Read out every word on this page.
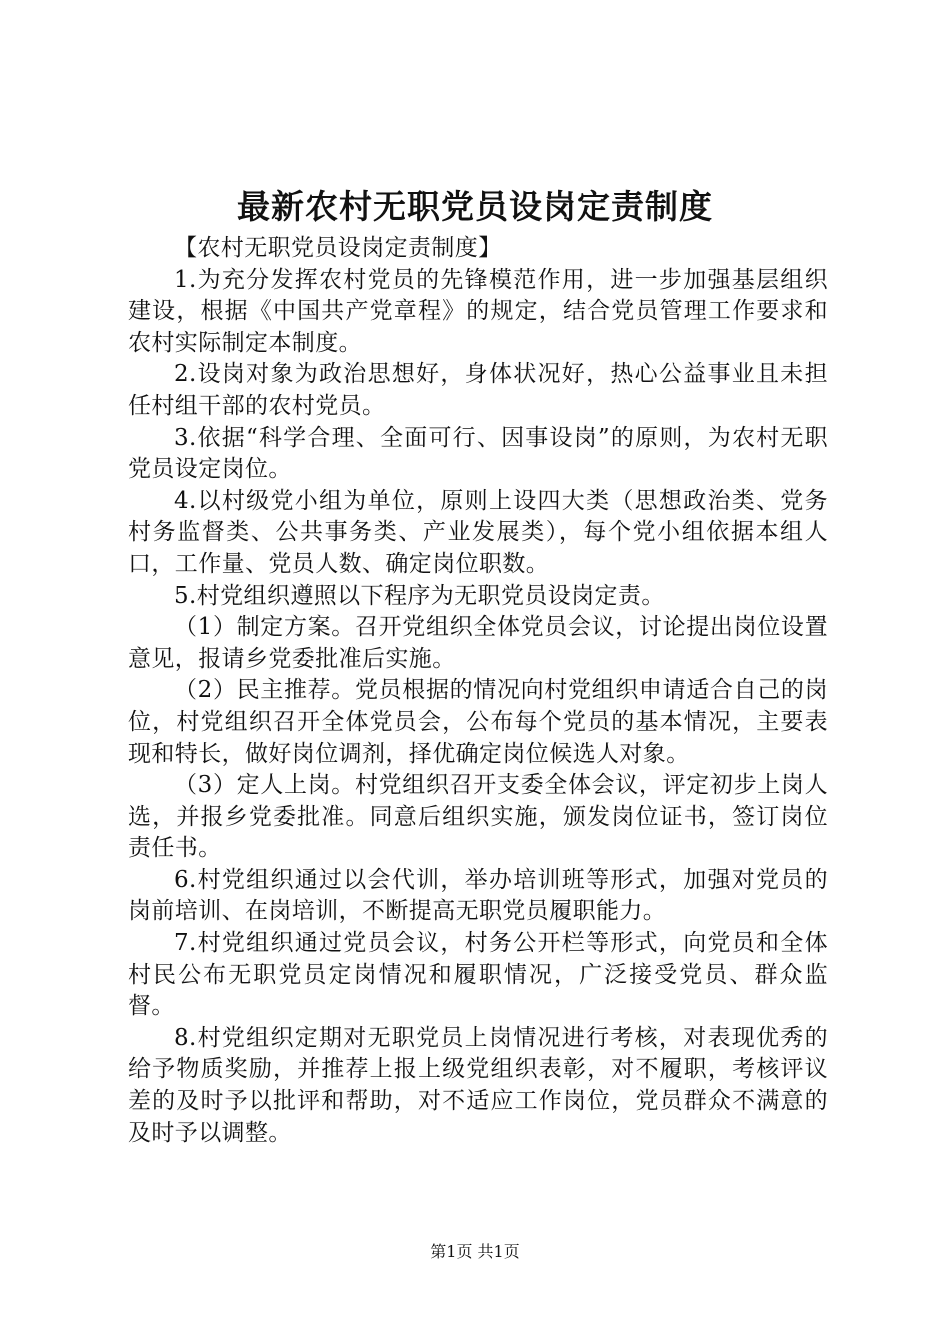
最新农村无职党员设岗定责制度

【农村无职党员设岗定责制度】

1.为充分发挥农村党员的先锋模范作用，进一步加强基层组织建设，根据《中国共产党章程》的规定，结合党员管理工作要求和农村实际制定本制度。

2.设岗对象为政治思想好，身体状况好，热心公益事业且未担任村组干部的农村党员。

3.依据“科学合理、全面可行、因事设岗”的原则，为农村无职党员设定岗位。

4.以村级党小组为单位，原则上设四大类（思想政治类、党务村务监督类、公共事务类、产业发展类），每个党小组依据本组人口，工作量、党员人数、确定岗位职数。

5.村党组织遵照以下程序为无职党员设岗定责。

（1）制定方案。召开党组织全体党员会议，讨论提出岗位设置意见，报请乡党委批准后实施。

（2）民主推荐。党员根据的情况向村党组织申请适合自己的岗位，村党组织召开全体党员会，公布每个党员的基本情况，主要表现和特长，做好岗位调剂，择优确定岗位候选人对象。

（3）定人上岗。村党组织召开支委全体会议，评定初步上岗人选，并报乡党委批准。同意后组织实施，颁发岗位证书，签订岗位责任书。

6.村党组织通过以会代训，举办培训班等形式，加强对党员的岗前培训、在岗培训，不断提高无职党员履职能力。

7.村党组织通过党员会议，村务公开栏等形式，向党员和全体村民公布无职党员定岗情况和履职情况，广泛接受党员、群众监督。

8.村党组织定期对无职党员上岗情况进行考核，对表现优秀的给予物质奖励，并推荐上报上级党组织表彰，对不履职，考核评议差的及时予以批评和帮助，对不适应工作岗位，党员群众不满意的及时予以调整。

第1页 共1页
